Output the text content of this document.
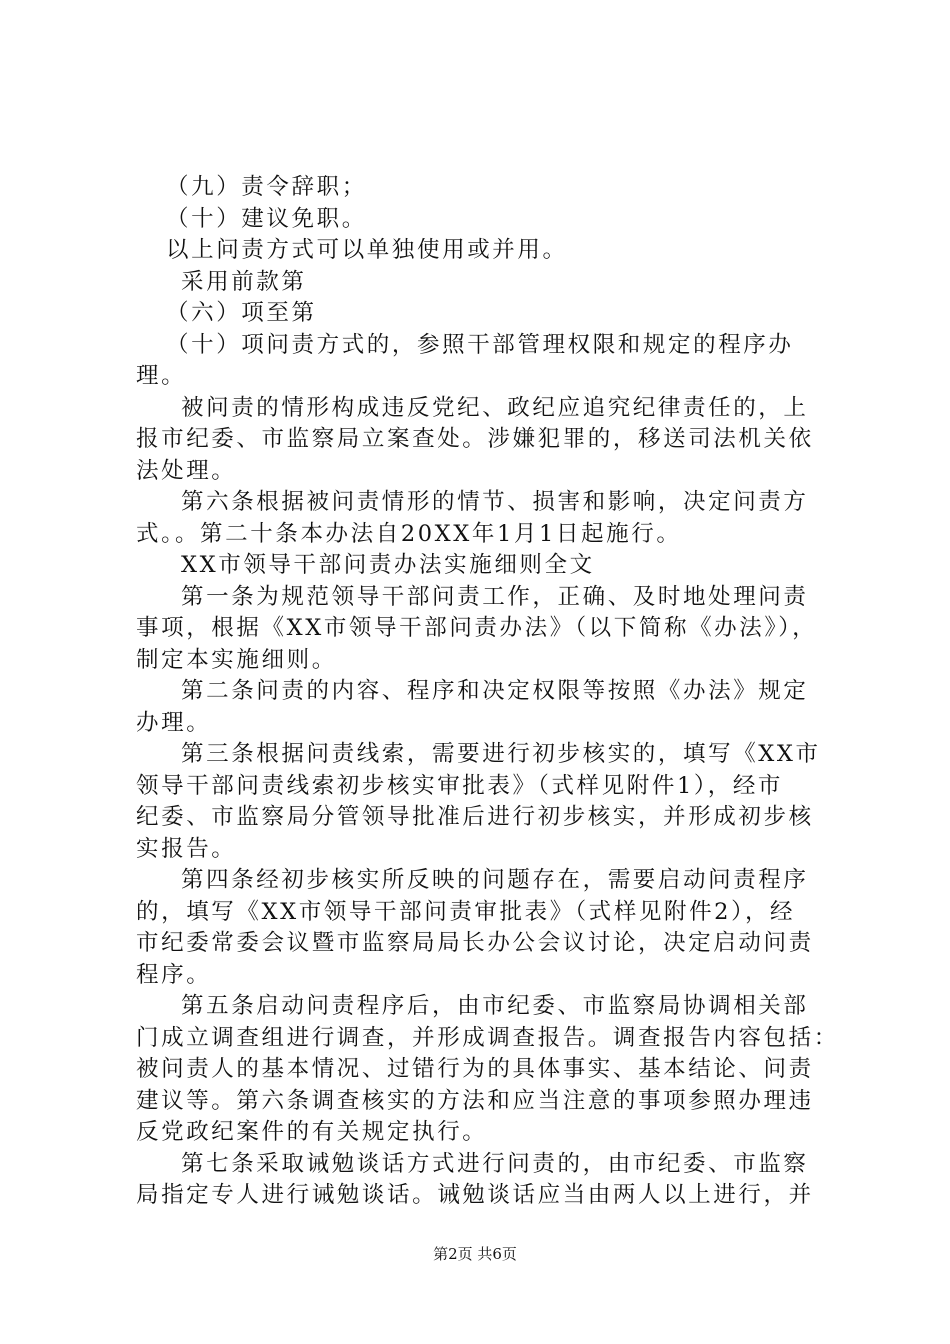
（九）责令辞职；
（十）建议免职。
以上问责方式可以单独使用或并用。
采用前款第
（六）项至第
（十）项问责方式的，参照干部管理权限和规定的程序办
理。
被问责的情形构成违反党纪、政纪应追究纪律责任的，上
报市纪委、市监察局立案查处。涉嫌犯罪的，移送司法机关依
法处理。
第六条根据被问责情形的情节、损害和影响，决定问责方
式。。第二十条本办法自20XX年1月1日起施行。
XX市领导干部问责办法实施细则全文
第一条为规范领导干部问责工作，正确、及时地处理问责
事项，根据《XX市领导干部问责办法》（以下简称《办法》），
制定本实施细则。
第二条问责的内容、程序和决定权限等按照《办法》规定
办理。
第三条根据问责线索，需要进行初步核实的，填写《XX市
领导干部问责线索初步核实审批表》（式样见附件1），经市
纪委、市监察局分管领导批准后进行初步核实，并形成初步核
实报告。
第四条经初步核实所反映的问题存在，需要启动问责程序
的，填写《XX市领导干部问责审批表》（式样见附件2），经
市纪委常委会议暨市监察局局长办公会议讨论，决定启动问责
程序。
第五条启动问责程序后，由市纪委、市监察局协调相关部
门成立调查组进行调查，并形成调查报告。调查报告内容包括：
被问责人的基本情况、过错行为的具体事实、基本结论、问责
建议等。第六条调查核实的方法和应当注意的事项参照办理违
反党政纪案件的有关规定执行。
第七条采取诫勉谈话方式进行问责的，由市纪委、市监察
局指定专人进行诫勉谈话。诫勉谈话应当由两人以上进行，并
第2页 共6页
